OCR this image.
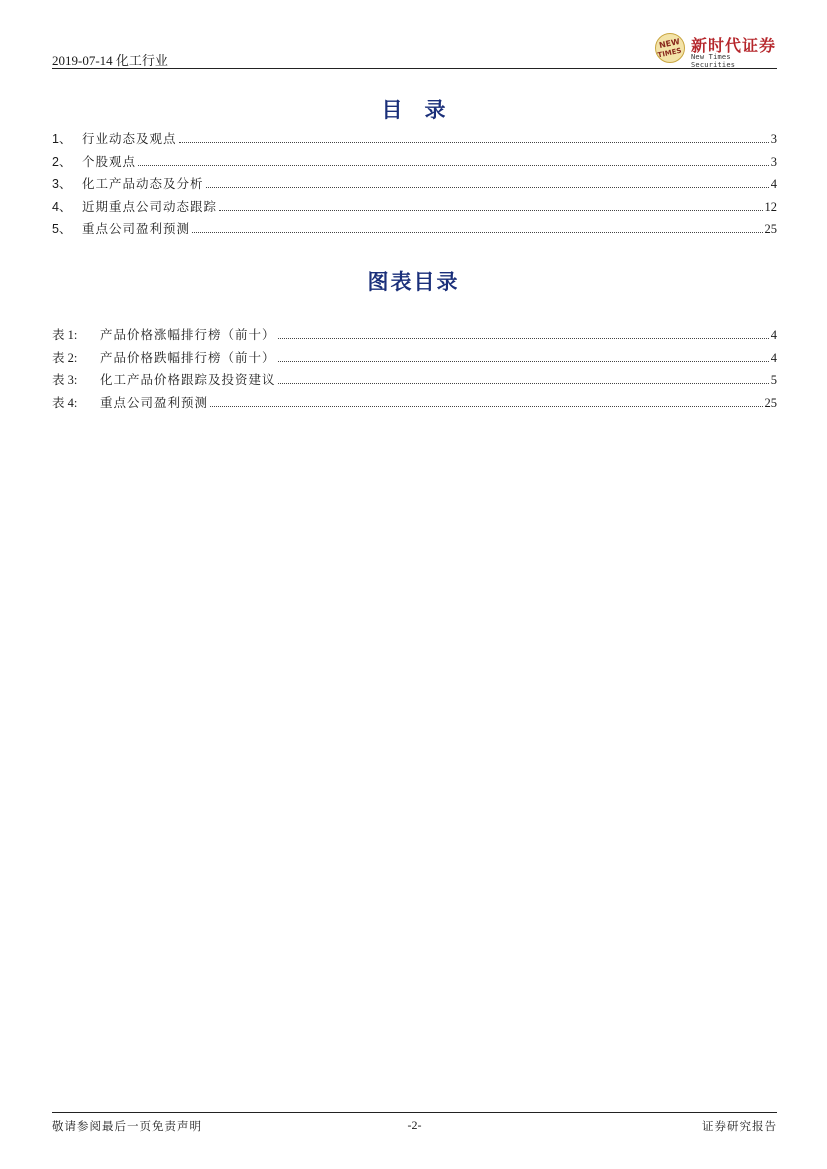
2019-07-14 化工行业
NEW
TIMES 新时代证券
New Times Securities
目录
1、 行业动态及观点	3
2、 个股观点	3
3、 化工产品动态及分析	4
4、 近期重点公司动态跟踪	12
5、 重点公司盈利预测	25
图表目录
表 1:	产品价格涨幅排行榜（前十）	4
表 2:	产品价格跌幅排行榜（前十）	4
表 3:	化工产品价格跟踪及投资建议	5
表 4:	重点公司盈利预测	25
敬请参阅最后一页免责声明	-2-	证券研究报告
